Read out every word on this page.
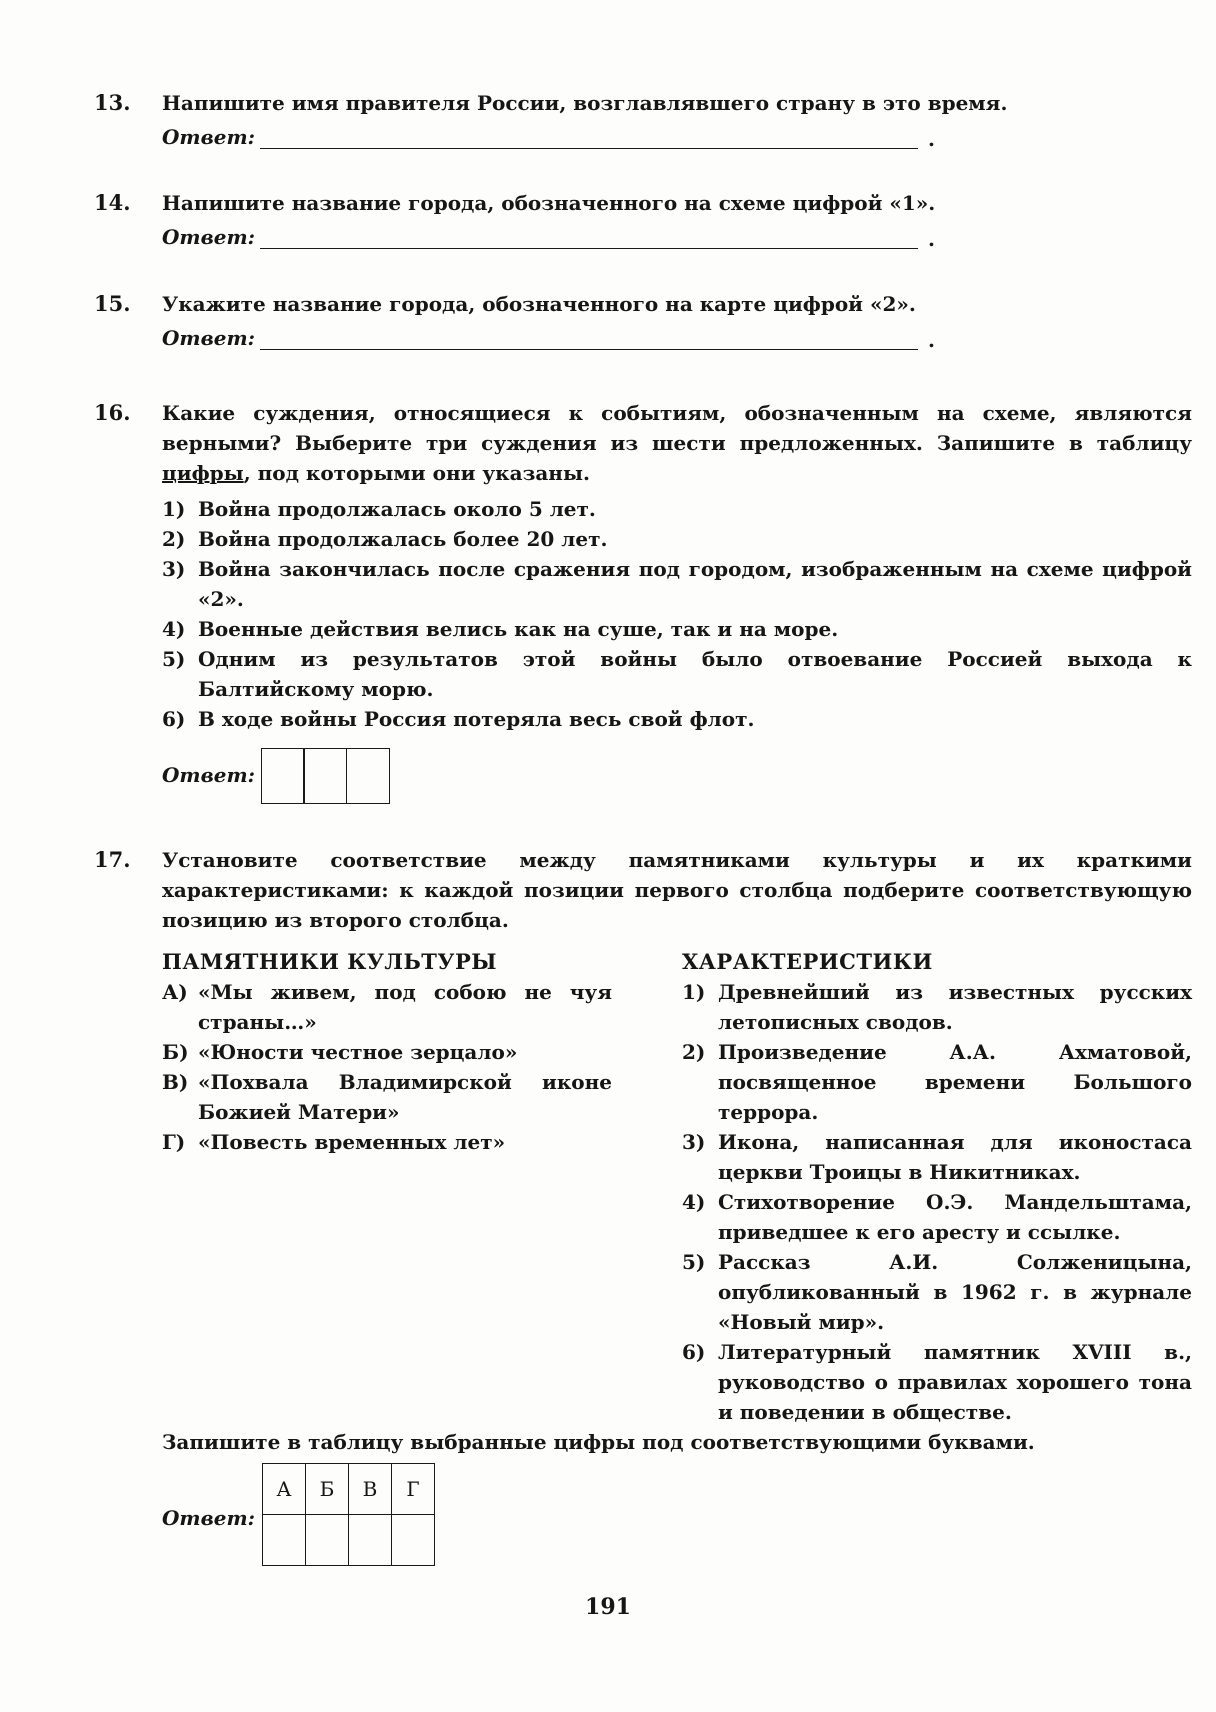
13. Напишите имя правителя России, возглавлявшего страну в это время.
Ответ:	.
14. Напишите название города, обозначенного на схеме цифрой «1».
Ответ:	.
15. Укажите название города, обозначенного на карте цифрой «2».
Ответ:	.
16. Какие суждения, относящиеся к событиям, обозначенным на схеме, являются верными? Выберите три суждения из шести предложенных. Запишите в таблицу цифры, под которыми они указаны.
1) Война продолжалась около 5 лет.
2) Война продолжалась более 20 лет.
3) Война закончилась после сражения под городом, изображенным на схеме цифрой «2».
4) Военные действия велись как на суше, так и на море.
5) Одним из результатов этой войны было отвоевание Россией выхода к Балтийскому морю.
6) В ходе войны Россия потеряла весь свой флот.
Ответ:
17. Установите соответствие между памятниками культуры и их краткими характеристиками: к каждой позиции первого столбца подберите соответствующую позицию из второго столбца.
ПАМЯТНИКИ КУЛЬТУРЫ
А) «Мы живем, под собою не чуя страны…»
Б) «Юности честное зерцало»
В) «Похвала Владимирской иконе Божией Матери»
Г) «Повесть временных лет»
ХАРАКТЕРИСТИКИ
1) Древнейший из известных русских летописных сводов.
2) Произведение А.А. Ахматовой, посвященное времени Большого террора.
3) Икона, написанная для иконостаса церкви Троицы в Никитниках.
4) Стихотворение О.Э. Мандельштама, приведшее к его аресту и ссылке.
5) Рассказ А.И. Солженицына, опубликованный в 1962 г. в журнале «Новый мир».
6) Литературный памятник XVIII в., руководство о правилах хорошего тона и поведении в обществе.
Запишите в таблицу выбранные цифры под соответствующими буквами.
Ответ:
А	Б	В	Г

191
